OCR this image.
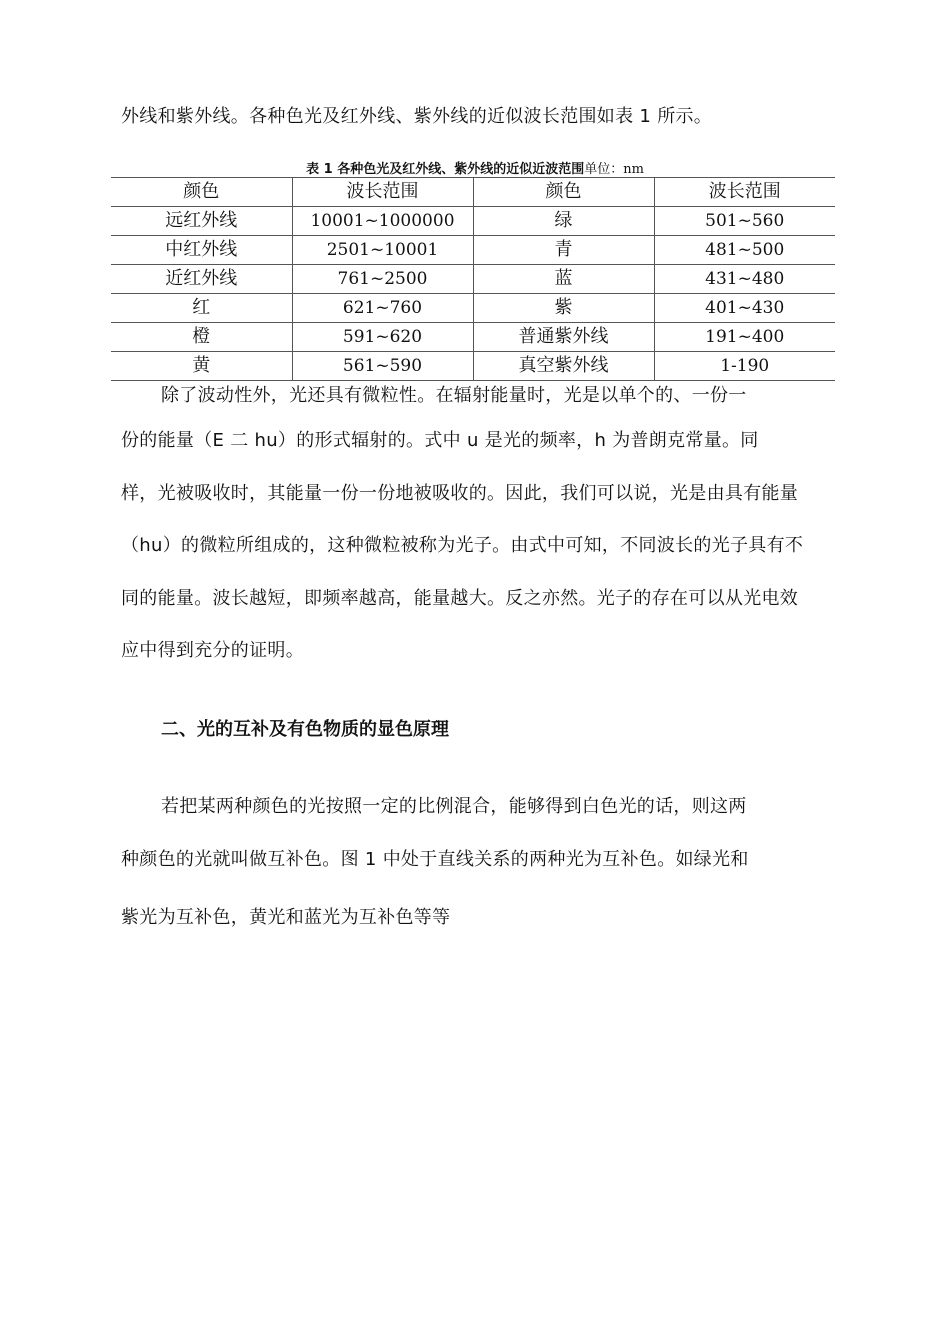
外线和紫外线。各种色光及红外线、紫外线的近似波长范围如表 1 所示。
表 1 各种色光及红外线、紫外线的近似近波范围单位：nm
颜色	波长范围	颜色	波长范围
远红外线	10001~1000000	绿	501~560
中红外线	2501~10001	青	481~500
近红外线	761~2500	蓝	431~480
红	621~760	紫	401~430
橙	591~620	普通紫外线	191~400
黄	561~590	真空紫外线	1-190
除了波动性外，光还具有微粒性。在辐射能量时，光是以单个的、一份一
份的能量（E 二 hu）的形式辐射的。式中 u 是光的频率，h 为普朗克常量。同
样，光被吸收时，其能量一份一份地被吸收的。因此，我们可以说，光是由具有能量
（hu）的微粒所组成的，这种微粒被称为光子。由式中可知，不同波长的光子具有不
同的能量。波长越短，即频率越高，能量越大。反之亦然。光子的存在可以从光电效
应中得到充分的证明。
二、光的互补及有色物质的显色原理
若把某两种颜色的光按照一定的比例混合，能够得到白色光的话，则这两
种颜色的光就叫做互补色。图 1 中处于直线关系的两种光为互补色。如绿光和
紫光为互补色，黄光和蓝光为互补色等等
